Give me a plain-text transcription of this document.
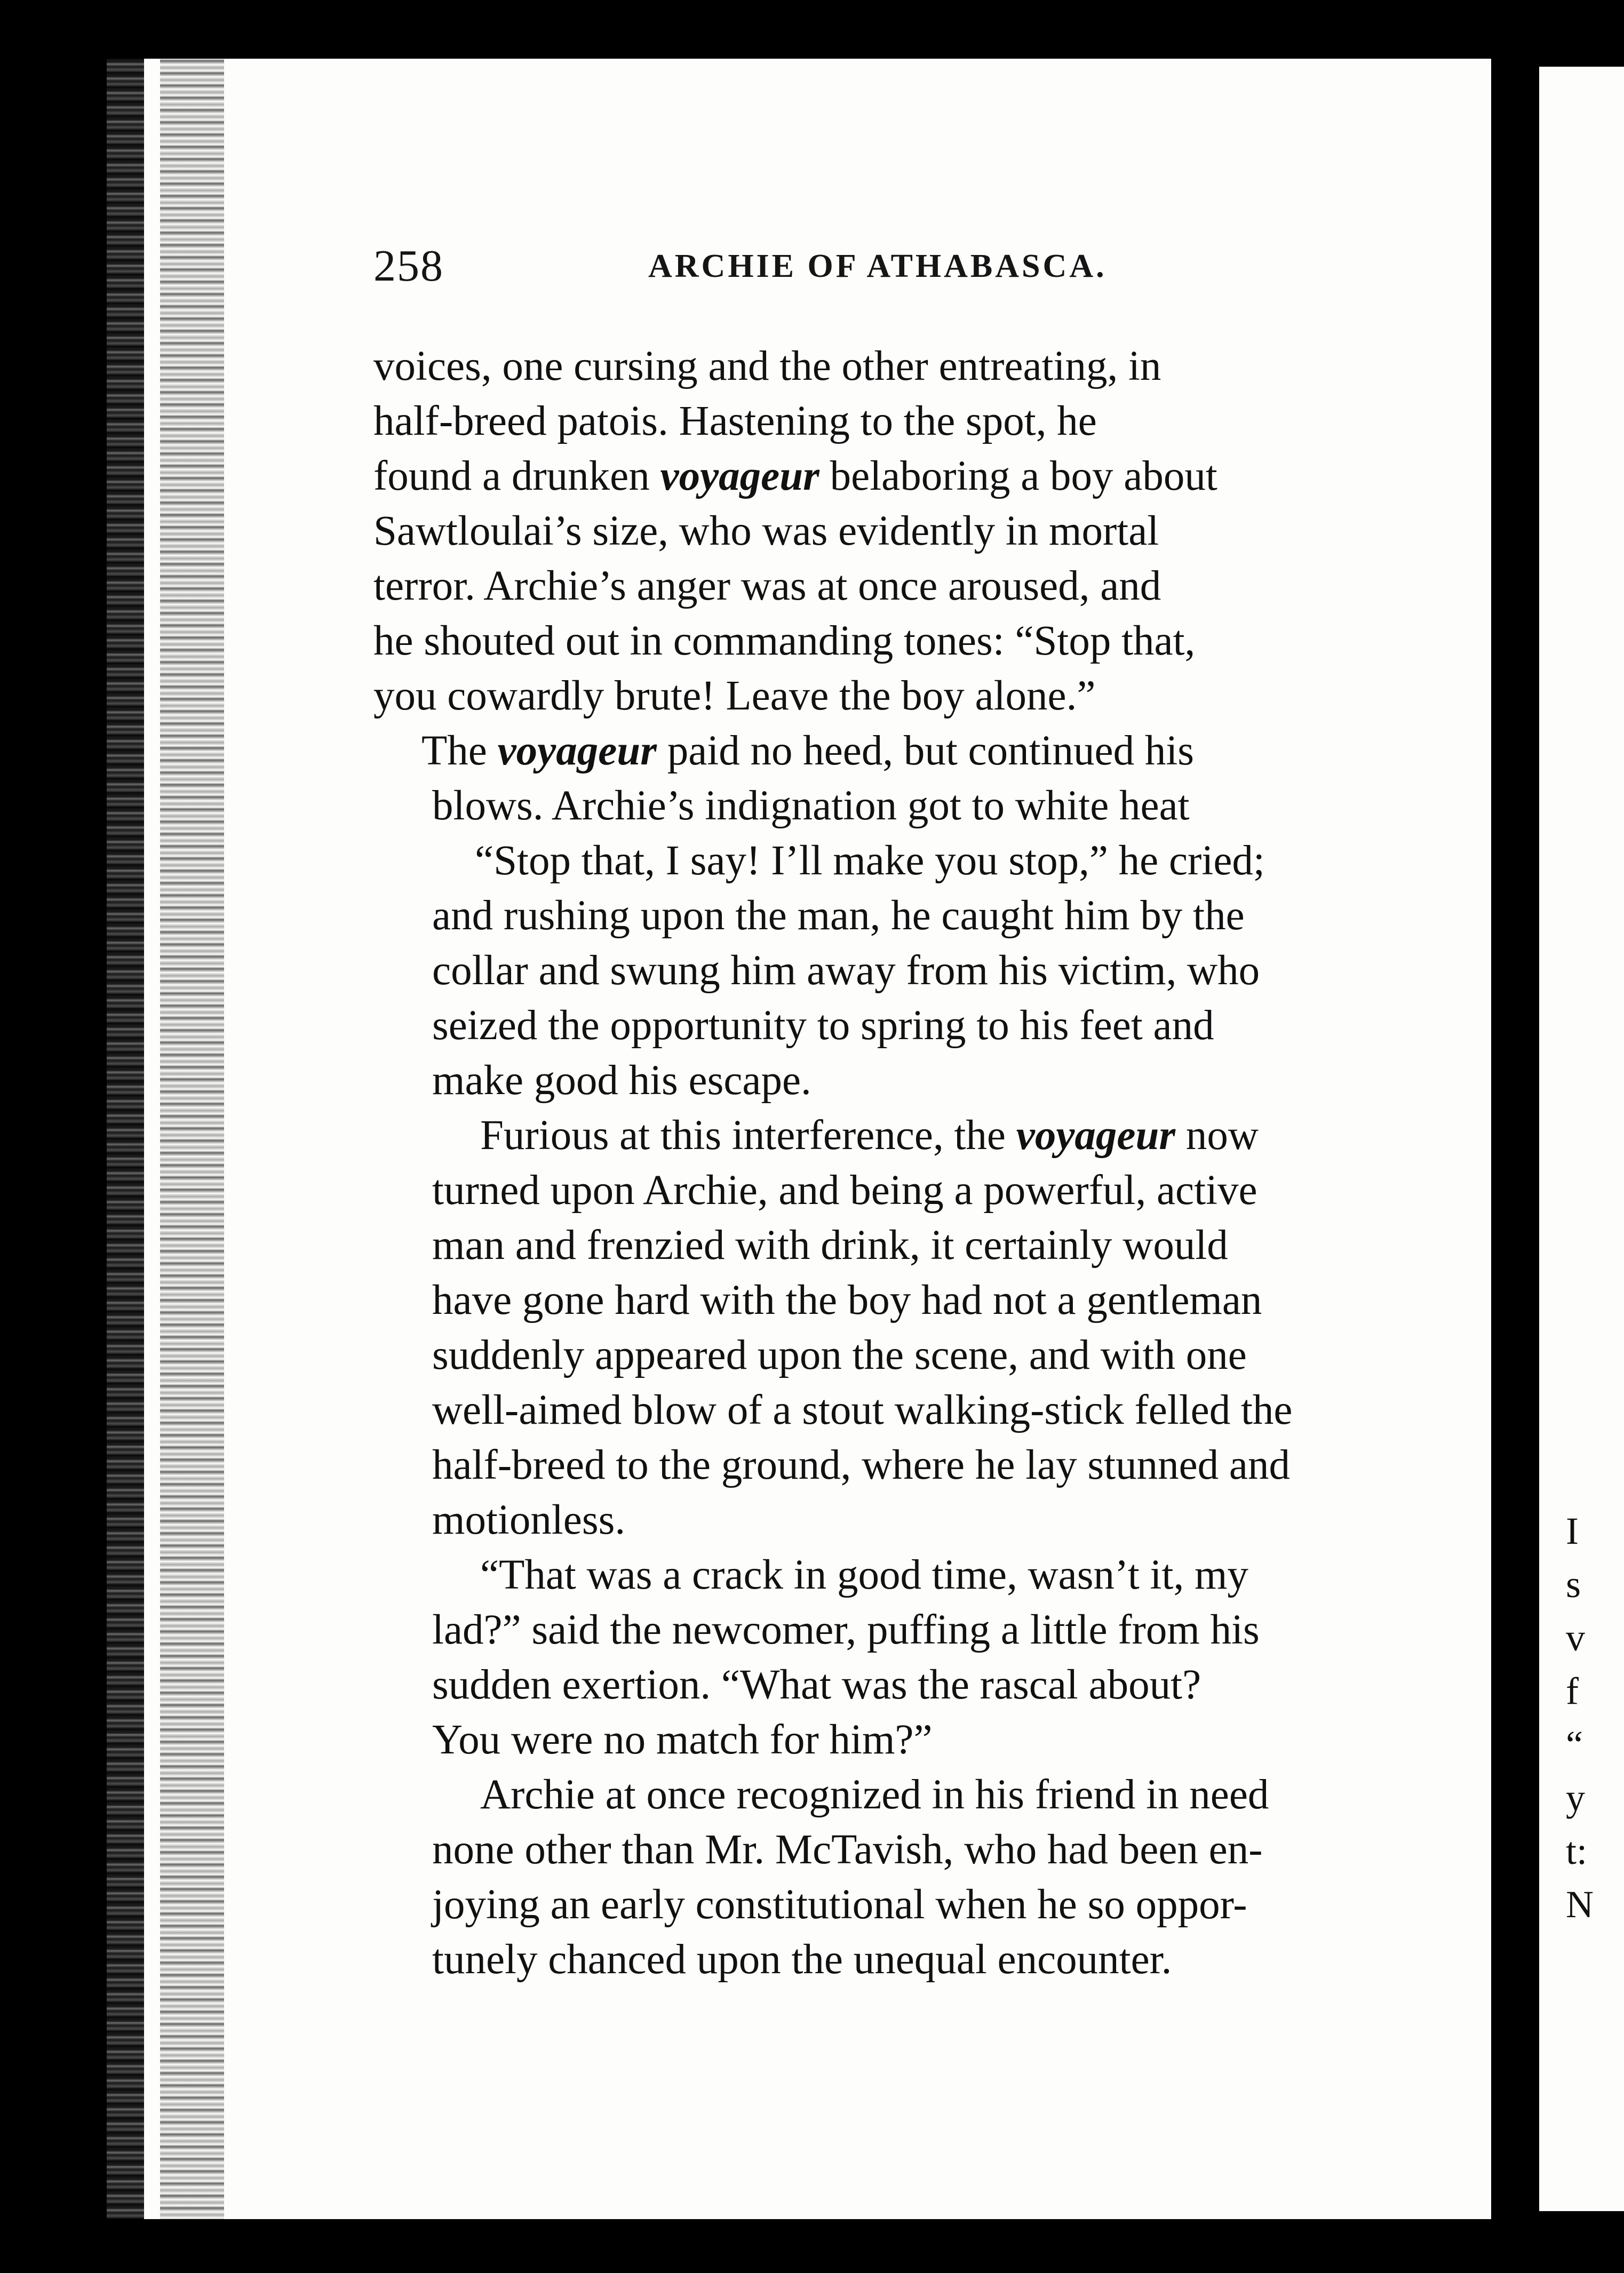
I
s
v
f
“
y
t:
N
258	ARCHIE OF ATHABASCA.

voices, one cursing and the other entreating, in
half-breed patois. Hastening to the spot, he
found a drunken voyageur belaboring a boy about
Sawtloulai’s size, who was evidently in mortal
terror. Archie’s anger was at once aroused, and
he shouted out in commanding tones: “Stop that,
you cowardly brute! Leave the boy alone.”

The voyageur paid no heed, but continued his
blows. Archie’s indignation got to white heat

“Stop that, I say! I’ll make you stop,” he cried;
and rushing upon the man, he caught him by the
collar and swung him away from his victim, who
seized the opportunity to spring to his feet and
make good his escape.

Furious at this interference, the voyageur now
turned upon Archie, and being a powerful, active
man and frenzied with drink, it certainly would
have gone hard with the boy had not a gentleman
suddenly appeared upon the scene, and with one
well-aimed blow of a stout walking-stick felled the
half-breed to the ground, where he lay stunned and
motionless.

“That was a crack in good time, wasn’t it, my
lad?” said the newcomer, puffing a little from his
sudden exertion. “What was the rascal about?
You were no match for him?”

Archie at once recognized in his friend in need
none other than Mr. McTavish, who had been en-
joying an early constitutional when he so oppor-
tunely chanced upon the unequal encounter.
